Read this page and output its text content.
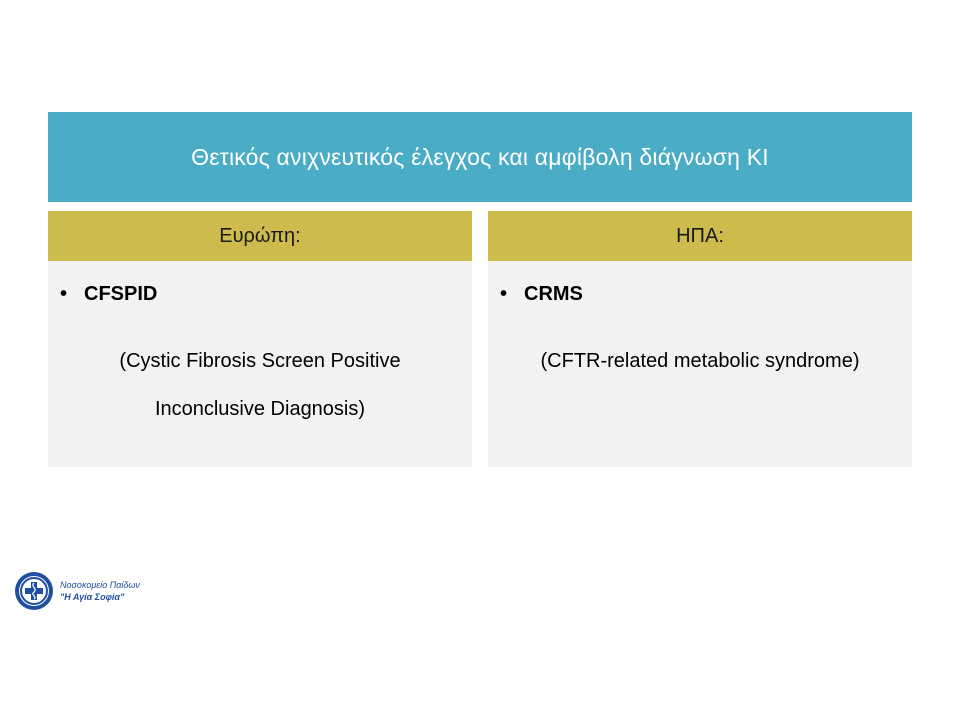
Θετικός ανιχνευτικός έλεγχος και αμφίβολη διάγνωση ΚΙ
Ευρώπη:
• CFSPID
(Cystic Fibrosis Screen Positive
Inconclusive Diagnosis)
ΗΠΑ:
• CRMS
(CFTR-related metabolic syndrome)
Νοσοκομείο Παίδων
"Η Αγία Σοφία"
